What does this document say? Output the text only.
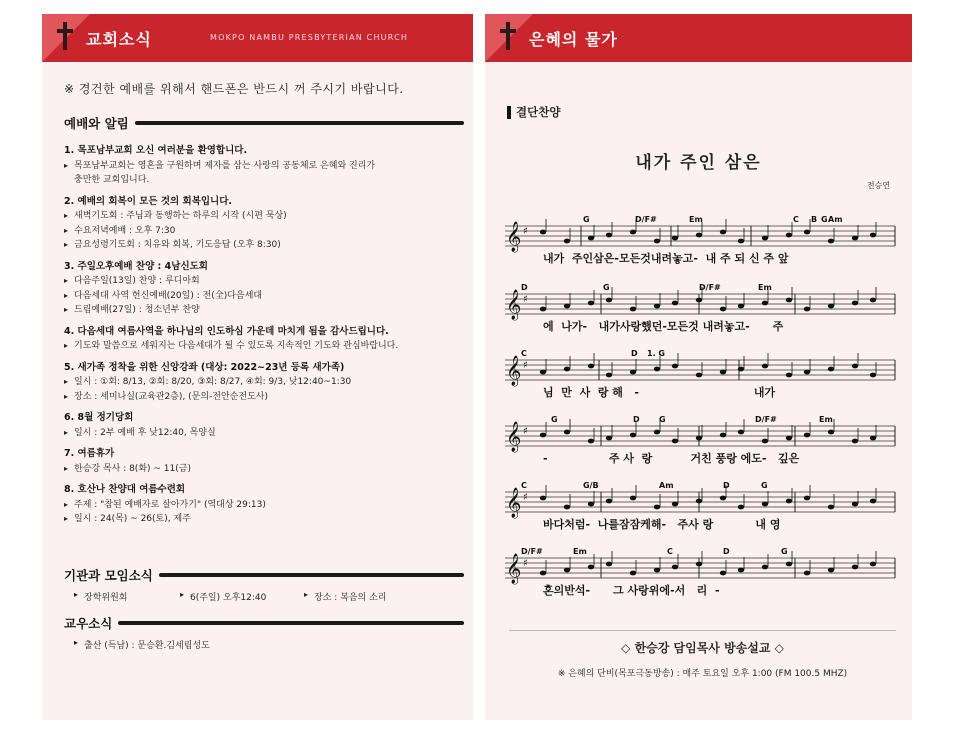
교회소식	MOKPO NAMBU PRESBYTERIAN CHURCH
※ 경건한 예배를 위해서 핸드폰은 반드시 꺼 주시기 바랍니다.
예배와 알림
1. 목포남부교회 오신 여러분을 환영합니다.
▸ 목포남부교회는 영혼을 구원하며 제자를 삼는 사랑의 공동체로 은혜와 진리가
충만한 교회입니다.
2. 예배의 회복이 모든 것의 회복입니다.
▸ 새벽기도회 : 주님과 동행하는 하루의 시작 (시편 묵상)
▸ 수요저녁예배 : 오후 7:30
▸ 금요성령기도회 : 치유와 회복, 기도응답 (오후 8:30)
3. 주일오후예배 찬양 : 4남신도회
▸ 다음주일(13일) 찬양 : 루디아회
▸ 다음세대 사역 헌신예배(20일) : 전(全)다음세대
▸ 드림예배(27일) : 청소년부 찬양
4. 다음세대 여름사역을 하나님의 인도하심 가운데 마치게 됨을 감사드립니다.
▸ 기도와 말씀으로 세워지는 다음세대가 될 수 있도록 지속적인 기도와 관심바랍니다.
5. 새가족 정착을 위한 신앙강좌 (대상: 2022~23년 등록 새가족)
▸ 일시 : ①회: 8/13, ②회: 8/20, ③회: 8/27, ④회: 9/3, 낮12:40~1:30
▸ 장소 : 세미나실(교육관2층), (문의-전안순전도사)
6. 8월 정기당회
▸ 일시 : 2부 예배 후 낮12:40, 목양실
7. 여름휴가
▸ 한승강 목사 : 8(화) ~ 11(금)
8. 호산나 찬양대 여름수련회
▸ 주제 : "참된 예배자로 살아가기" (역대상 29:13)
▸ 일시 : 24(목) ~ 26(토), 제주
기관과 모임소식
▸ 장학위원회	▸ 6(주일) 오후12:40	▸ 장소 : 복음의 소리
교우소식
▸ 출산 (득남) : 문승환.김세림성도
은혜의 물가
결단찬양
내가 주인 삼은
전승연
𝄞 ♯
G	D/F#	Em	C B Am
G
내가  주인삼은-모든것내려놓고-  내 주 되 신 주 앞
𝄞 ♯
D	G	D/F#	Em
에  나가-   내가사랑했던-모든것 내려놓고-      주
𝄞 ♯
C	D 1. G
님  만  사  랑 해   -                              내가
𝄞 ♯
G	D G	D/F#	Em
-                주 사  랑          거친 풍랑 에도-   깊은
𝄞 ♯
C	G/B	Am	D	G
바다처럼-  나를잠잠케해-   주사 랑           내 영
𝄞 ♯
D/F#	Em	C	D	G
혼의반석-      그 사랑위에-서   리  -
◇ 한승강 담임목사 방송설교 ◇
※ 은혜의 단비(목포극동방송) : 매주 토요일 오후 1:00 (FM 100.5 MHZ)
